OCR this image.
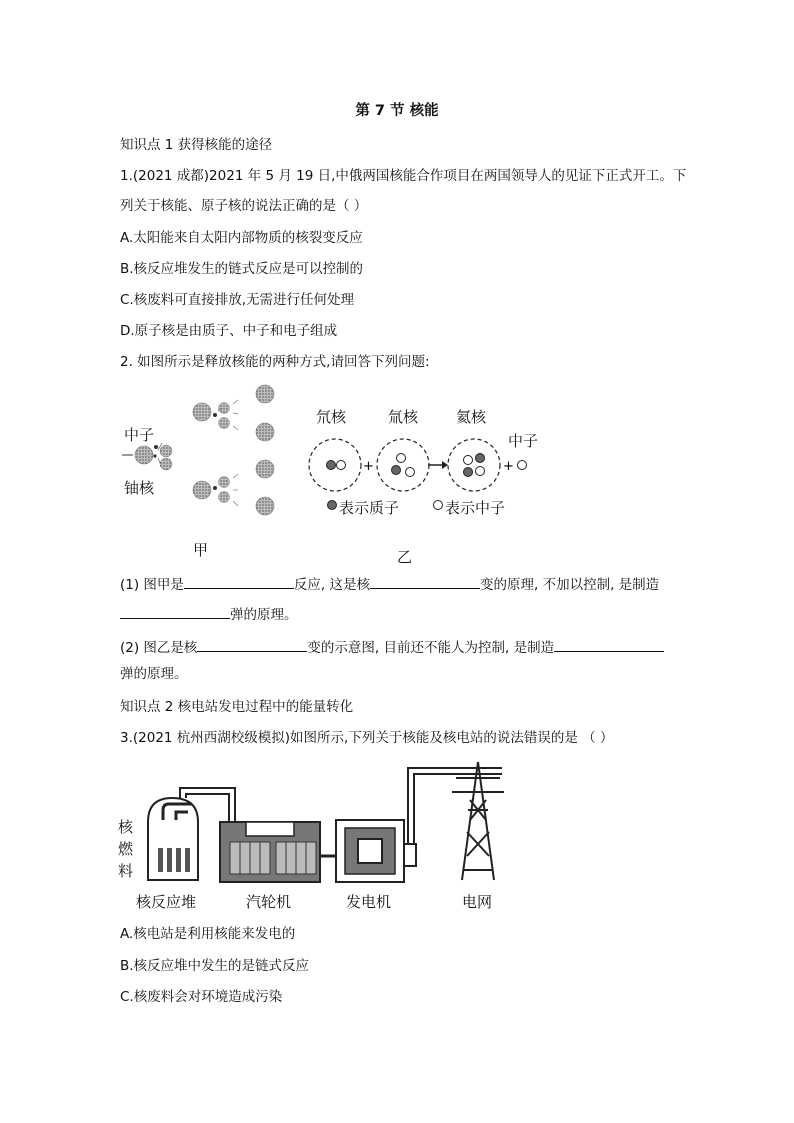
第 7 节 核能
知识点 1 获得核能的途径
1.(2021 成都)2021 年 5 月 19 日,中俄两国核能合作项目在两国领导人的见证下正式开工。下
列关于核能、原子核的说法正确的是（ ）
A.太阳能来自太阳内部物质的核裂变反应
B.核反应堆发生的链式反应是可以控制的
C.核废料可直接排放,无需进行任何处理
D.原子核是由质子、中子和电子组成
2. 如图所示是释放核能的两种方式,请回答下列问题:
中子
铀核
甲
+	+
氘核	氚核	氦核
中子
表示质子	表示中子
乙
(1) 图甲是	反应, 这是核	变的原理, 不加以控制, 是制造
弹的原理。
(2) 图乙是核	变的示意图, 目前还不能人为控制, 是制造
弹的原理。
知识点 2 核电站发电过程中的能量转化
3.(2021 杭州西湖校级模拟)如图所示,下列关于核能及核电站的说法错误的是 （ ）
核
燃
料
核反应堆	汽轮机	发电机	电网
A.核电站是利用核能来发电的
B.核反应堆中发生的是链式反应
C.核废料会对环境造成污染
